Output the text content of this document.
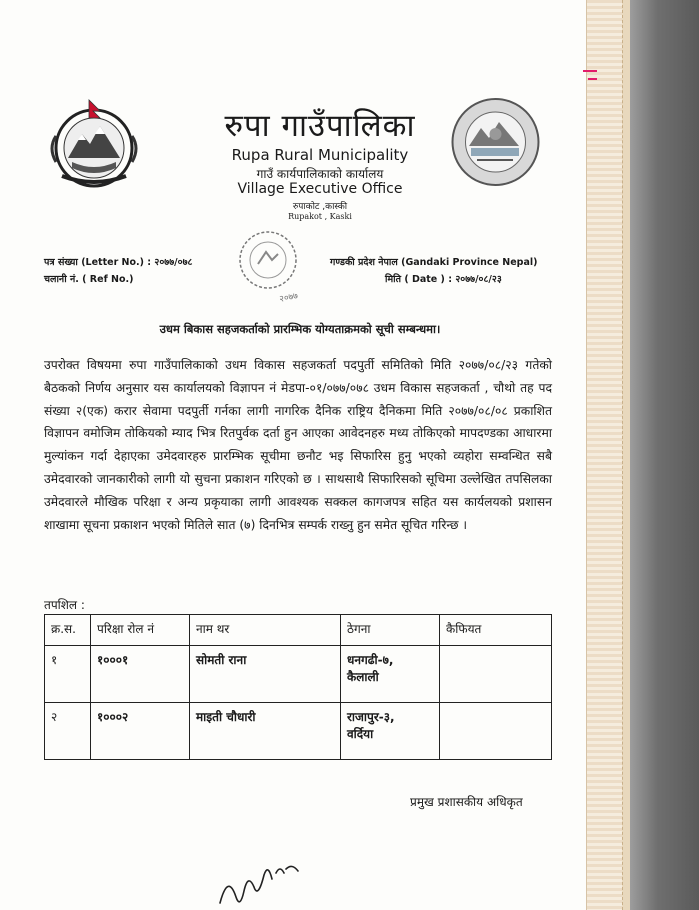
रुपा गाउँपालिका
Rupa Rural Municipality
गाउँ कार्यपालिकाको कार्यालय
Village Executive Office
रुपाकोट ,कास्की
Rupakot , Kaski
पत्र संख्या (Letter No.) : २०७७/०७८
चलानी नं. ( Ref No.)
गण्डकी प्रदेश नेपाल (Gandaki Province Nepal)
मिति ( Date ) : २०७७/०८/२३
२०७७
उधम बिकास सहजकर्ताको प्रारम्भिक योग्यताक्रमको सूची सम्बन्धमा।
उपरोक्त विषयमा रुपा गाउँपालिकाको उधम विकास सहजकर्ता पदपुर्ती समितिको मिति २०७७/०८/२३ गतेको बैठकको निर्णय अनुसार यस कार्यालयको विज्ञापन नं मेडपा-०१/०७७/०७८ उधम विकास सहजकर्ता , चौथो तह पद संख्या २(एक) करार सेवामा पदपुर्ती गर्नका लागी नागरिक दैनिक राष्ट्रिय दैनिकमा मिति २०७७/०८/०८ प्रकाशित विज्ञापन वमोजिम तोकियको म्याद भित्र रितपुर्वक दर्ता हुन आएका आवेदनहरु मध्य तोकिएको मापदण्डका आधारमा मुल्यांकन गर्दा देहाएका उमेदवारहरु प्रारम्भिक सूचीमा छनौट भइ सिफारिस हुनु भएको व्यहोरा सम्वन्धित सबै उमेदवारको जानकारीको लागी यो सुचना प्रकाशन गरिएको छ । साथसाथै सिफारिसको सूचिमा उल्लेखित तपसिलका उमेदवारले मौखिक परिक्षा र अन्य प्रकृयाका लागी आवश्यक सक्कल कागजपत्र सहित यस कार्यलयको प्रशासन शाखामा सूचना प्रकाशन भएको मितिले सात (७) दिनभित्र सम्पर्क राख्नु हुन समेत सूचित गरिन्छ ।
तपशिल :
क्र.स.	परिक्षा रोल नं	नाम थर	ठेगना	कैफियत
१	१०००१	सोमती राना	धनगढी-७,
कैलाली	

२	१०००२	माइती चौधारी	राजापुर-३,
वर्दिया	

प्रमुख प्रशासकीय अधिकृत
